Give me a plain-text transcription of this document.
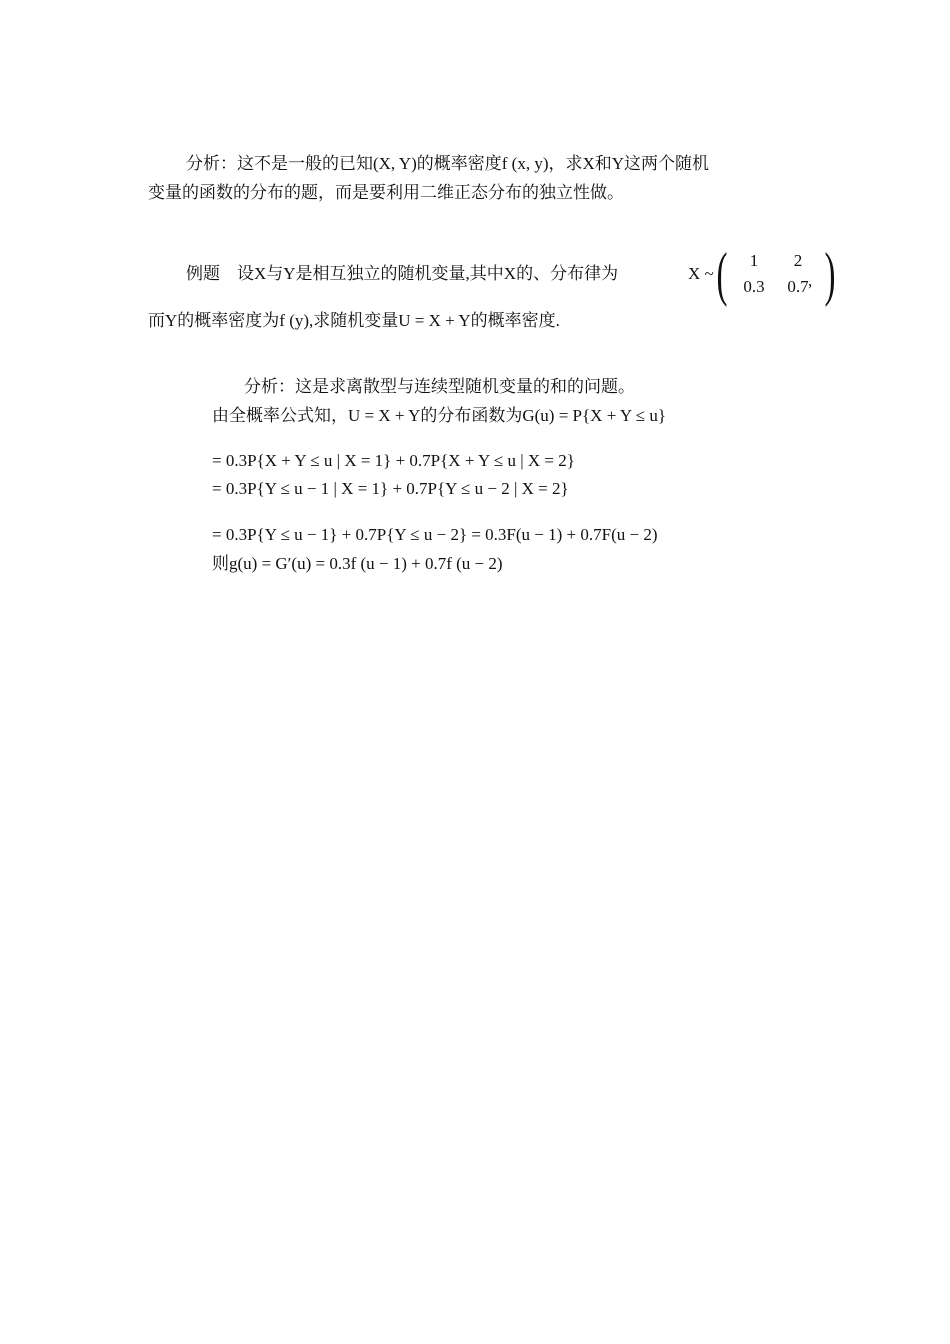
分析：这不是一般的已知(X, Y)的概率密度f (x, y)，求X和Y这两个随机
变量的函数的分布的题，而是要利用二维正态分布的独立性做。
例题　设X与Y是相互独立的随机变量,其中X的、分布律为	X ~ (	1	2
0.3	0.7 )
,
而Y的概率密度为f (y),求随机变量U = X + Y的概率密度.
分析：这是求离散型与连续型随机变量的和的问题。
由全概率公式知，U = X + Y的分布函数为G(u) = P{X + Y ≤ u}
= 0.3P{X + Y ≤ u | X = 1} + 0.7P{X + Y ≤ u | X = 2}
= 0.3P{Y ≤ u − 1 | X = 1} + 0.7P{Y ≤ u − 2 | X = 2}
= 0.3P{Y ≤ u − 1} + 0.7P{Y ≤ u − 2} = 0.3F(u − 1) + 0.7F(u − 2)
则g(u) = G′(u) = 0.3f (u − 1) + 0.7f (u − 2)
